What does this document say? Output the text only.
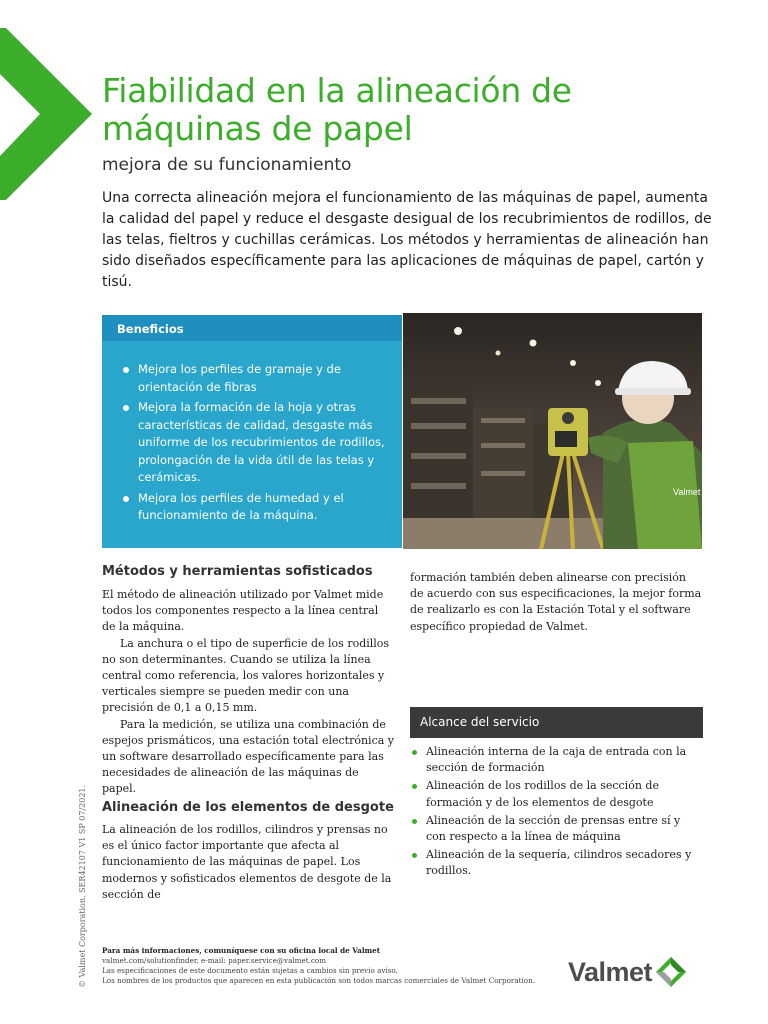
Fiabilidad en la alineación de
máquinas de papel
mejora de su funcionamiento

Una correcta alineación mejora el funcionamiento de las máquinas de papel, aumenta la calidad del papel y reduce el desgaste desigual de los recubrimientos de rodillos, de las telas, fieltros y cuchillas cerámicas. Los métodos y herramientas de alineación han sido diseñados específicamente para las aplicaciones de máquinas de papel, cartón y tisú.

Beneficios
Mejora los perfiles de gramaje y de orientación de fibras
Mejora la formación de la hoja y otras características de calidad, desgaste más uniforme de los recubrimientos de rodillos, prolongación de la vida útil de las telas y cerámicas.
Mejora los perfiles de humedad y el funcionamiento de la máquina.
Valmet
Métodos y herramientas sofisticados

El método de alineación utilizado por Valmet mide todos los componentes respecto a la línea central de la máquina.

La anchura o el tipo de superficie de los rodillos no son determinantes. Cuando se utiliza la línea central como referencia, los valores horizontales y verticales siempre se pueden medir con una precisión de 0,1 a 0,15 mm.

Para la medición, se utiliza una combinación de espejos prismáticos, una estación total electrónica y un software desarrollado específicamente para las necesidades de alineación de las máquinas de papel.

Alineación de los elementos de desgote

La alineación de los rodillos, cilindros y prensas no es el único factor importante que afecta al funcionamiento de las máquinas de papel. Los modernos y sofisticados elementos de desgote de la sección de

formación también deben alinearse con precisión de acuerdo con sus especificaciones, la mejor forma de realizarlo es con la Estación Total y el software específico propiedad de Valmet.

Alcance del servicio
Alineación interna de la caja de entrada con la sección de formación
Alineación de los rodillos de la sección de formación y de los elementos de desgote
Alineación de la sección de prensas entre sí y con respecto a la línea de máquina
Alineación de la sequería, cilindros secadores y rodillos.
© Valmet Corporation. SER42107 V1 SP 07/2021. Para más informaciones, comuníquese con su oficina local de Valmet
valmet.com/solutionfinder, e-mail: paper.service@valmet.com
Las especificaciones de este documento están sujetas a cambios sin previo aviso.
Los nombres de los productos que aparecen en esta publicación son todos marcas comerciales de Valmet Corporation.	Valmet
